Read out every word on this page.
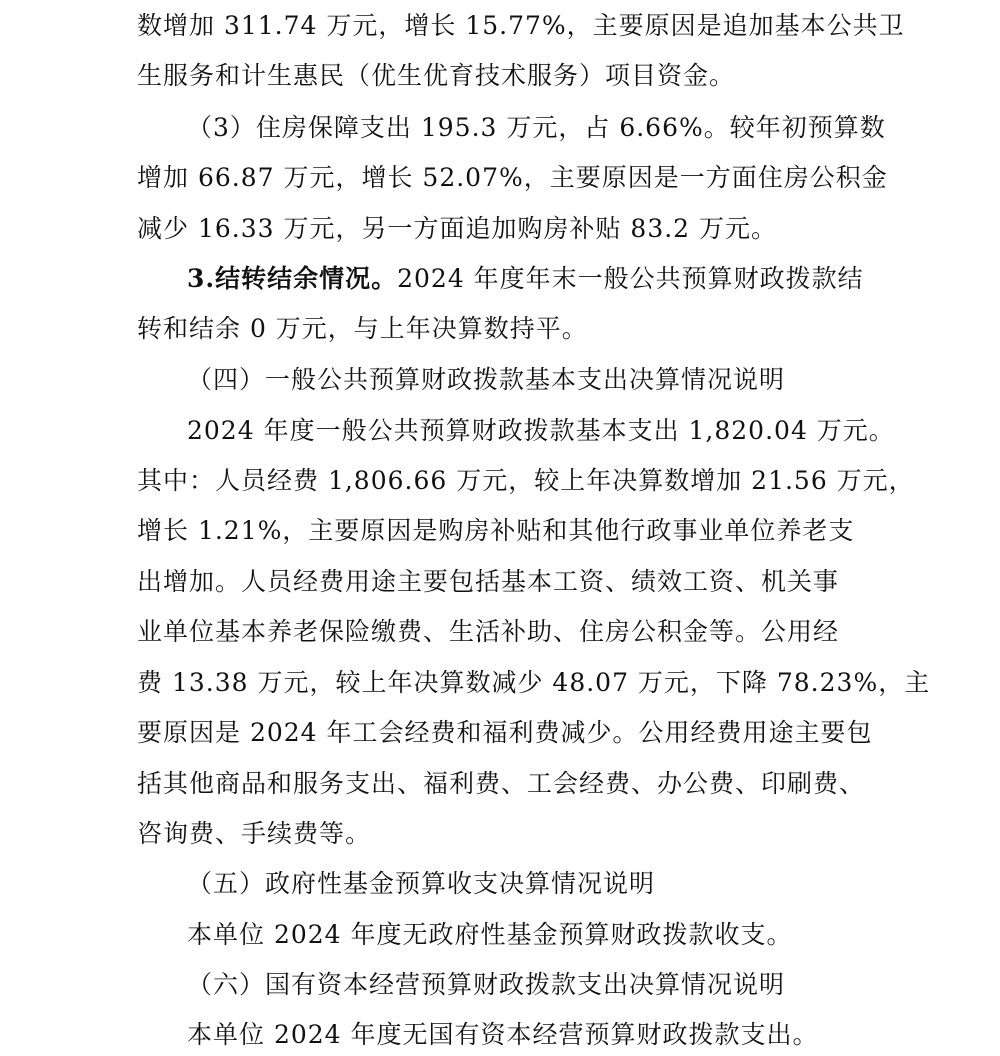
数增加 311.74 万元，增长 15.77%，主要原因是追加基本公共卫
生服务和计生惠民（优生优育技术服务）项目资金。
（3）住房保障支出 195.3 万元，占 6.66%。较年初预算数
增加 66.87 万元，增长 52.07%，主要原因是一方面住房公积金
减少 16.33 万元，另一方面追加购房补贴 83.2 万元。
3.结转结余情况。2024 年度年末一般公共预算财政拨款结
转和结余 0 万元，与上年决算数持平。
（四）一般公共预算财政拨款基本支出决算情况说明
2024 年度一般公共预算财政拨款基本支出 1,820.04 万元。
其中：人员经费 1,806.66 万元，较上年决算数增加 21.56 万元，
增长 1.21%，主要原因是购房补贴和其他行政事业单位养老支
出增加。人员经费用途主要包括基本工资、绩效工资、机关事
业单位基本养老保险缴费、生活补助、住房公积金等。公用经
费 13.38 万元，较上年决算数减少 48.07 万元，下降 78.23%，主
要原因是 2024 年工会经费和福利费减少。公用经费用途主要包
括其他商品和服务支出、福利费、工会经费、办公费、印刷费、
咨询费、手续费等。
（五）政府性基金预算收支决算情况说明
本单位 2024 年度无政府性基金预算财政拨款收支。
（六）国有资本经营预算财政拨款支出决算情况说明
本单位 2024 年度无国有资本经营预算财政拨款支出。
